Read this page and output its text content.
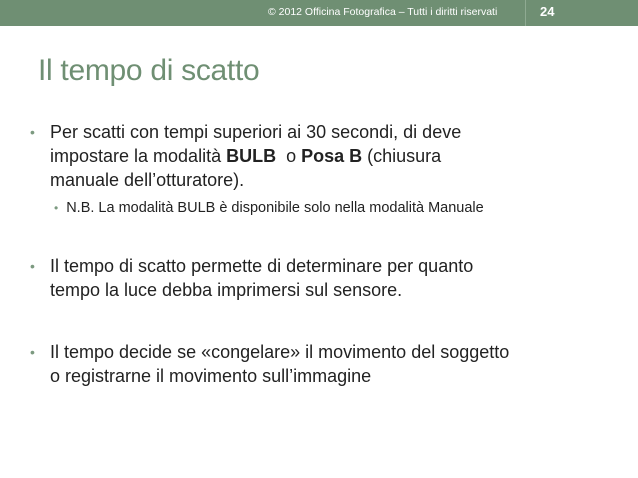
© 2012 Officina Fotografica – Tutti i diritti riservati	24
Il tempo di scatto
• Per scatti con tempi superiori ai 30 secondi, di deve
impostare la modalità BULB  o Posa B (chiusura
manuale dell’otturatore).
• N.B. La modalità BULB è disponibile solo nella modalità Manuale
• Il tempo di scatto permette di determinare per quanto
tempo la luce debba imprimersi sul sensore.
• Il tempo decide se «congelare» il movimento del soggetto
o registrarne il movimento sull’immagine
